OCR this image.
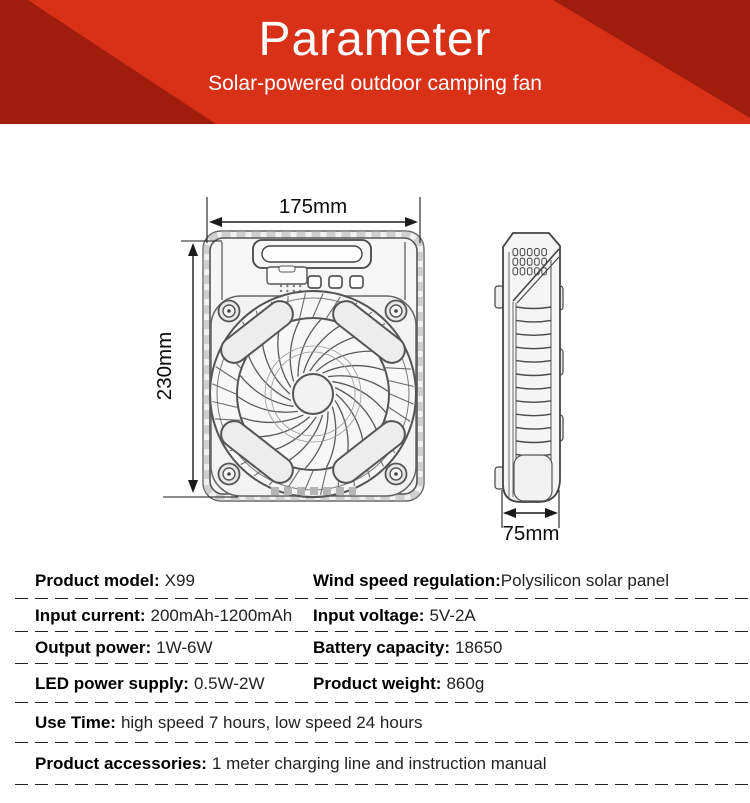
175mm
230mm
75mm
Parameter
Solar-powered outdoor camping fan
Product model: X99	Wind speed regulation:Polysilicon solar panel
Input current: 200mAh-1200mAh	Input voltage: 5V-2A
Output power: 1W-6W	Battery capacity: 18650
LED power supply: 0.5W-2W	Product weight: 860g
Use Time: high speed 7 hours, low speed 24 hours
Product accessories: 1 meter charging line and instruction manual
